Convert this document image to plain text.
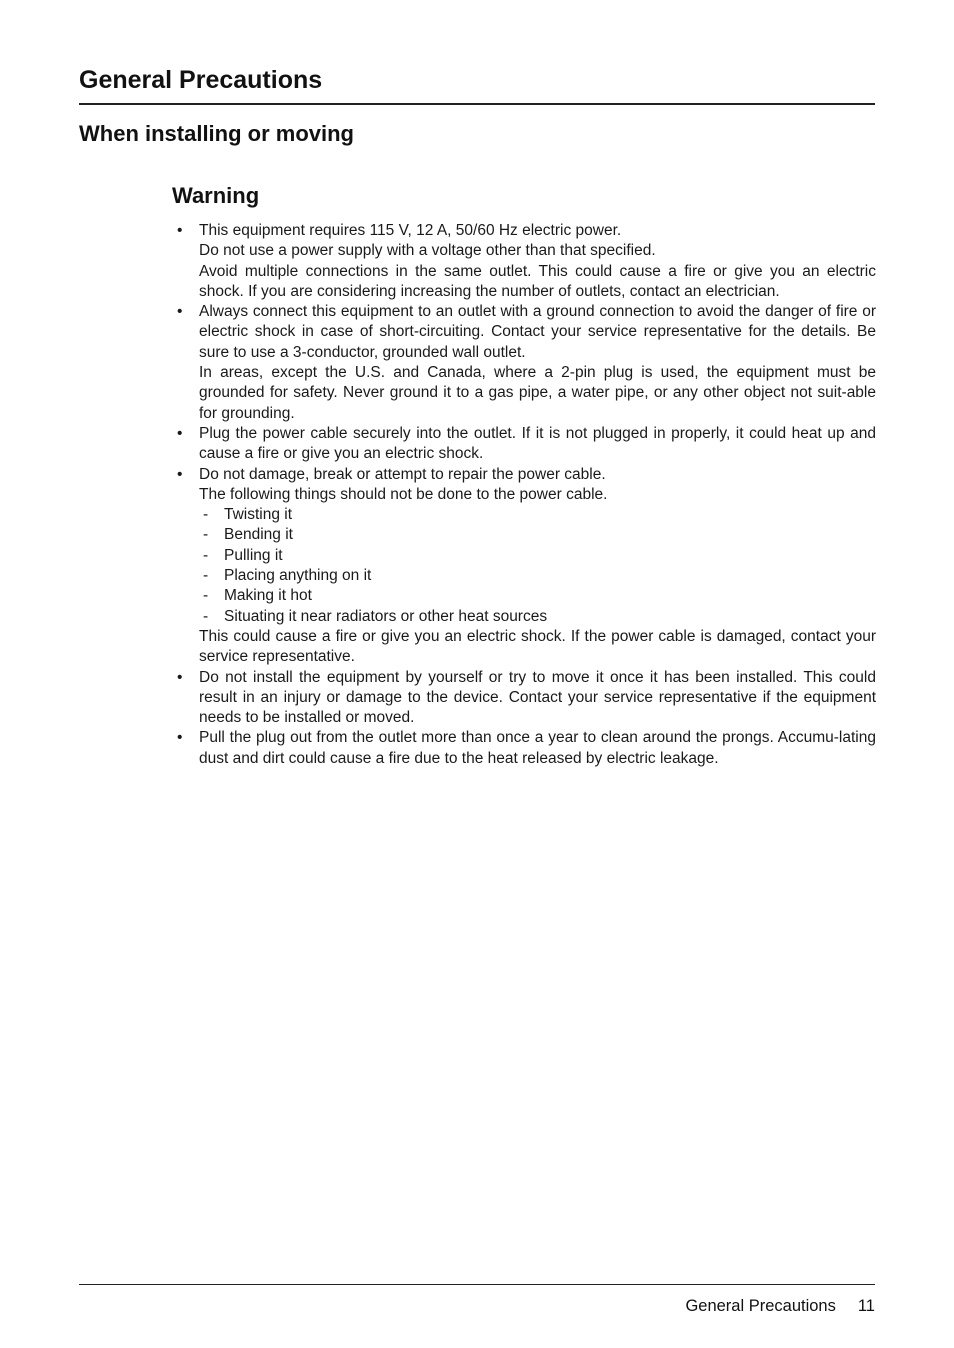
General Precautions
When installing or moving
Warning
• This equipment requires 115 V, 12 A, 50/60 Hz electric power.
Do not use a power supply with a voltage other than that specified.
Avoid multiple connections in the same outlet. This could cause a fire or give you an electric shock. If you are considering increasing the number of outlets, contact an electrician.
• Always connect this equipment to an outlet with a ground connection to avoid the danger of fire or electric shock in case of short-circuiting. Contact your service representative for the details. Be sure to use a 3-conductor, grounded wall outlet.
In areas, except the U.S. and Canada, where a 2-pin plug is used, the equipment must be grounded for safety. Never ground it to a gas pipe, a water pipe, or any other object not suit-able for grounding.
• Plug the power cable securely into the outlet. If it is not plugged in properly, it could heat up and cause a fire or give you an electric shock.
• Do not damage, break or attempt to repair the power cable.
The following things should not be done to the power cable.
- Twisting it
- Bending it
- Pulling it
- Placing anything on it
- Making it hot
- Situating it near radiators or other heat sources
This could cause a fire or give you an electric shock. If the power cable is damaged, contact your service representative.
• Do not install the equipment by yourself or try to move it once it has been installed. This could result in an injury or damage to the device. Contact your service representative if the equipment needs to be installed or moved.
• Pull the plug out from the outlet more than once a year to clean around the prongs. Accumu-lating dust and dirt could cause a fire due to the heat released by electric leakage.
General Precautions 11
